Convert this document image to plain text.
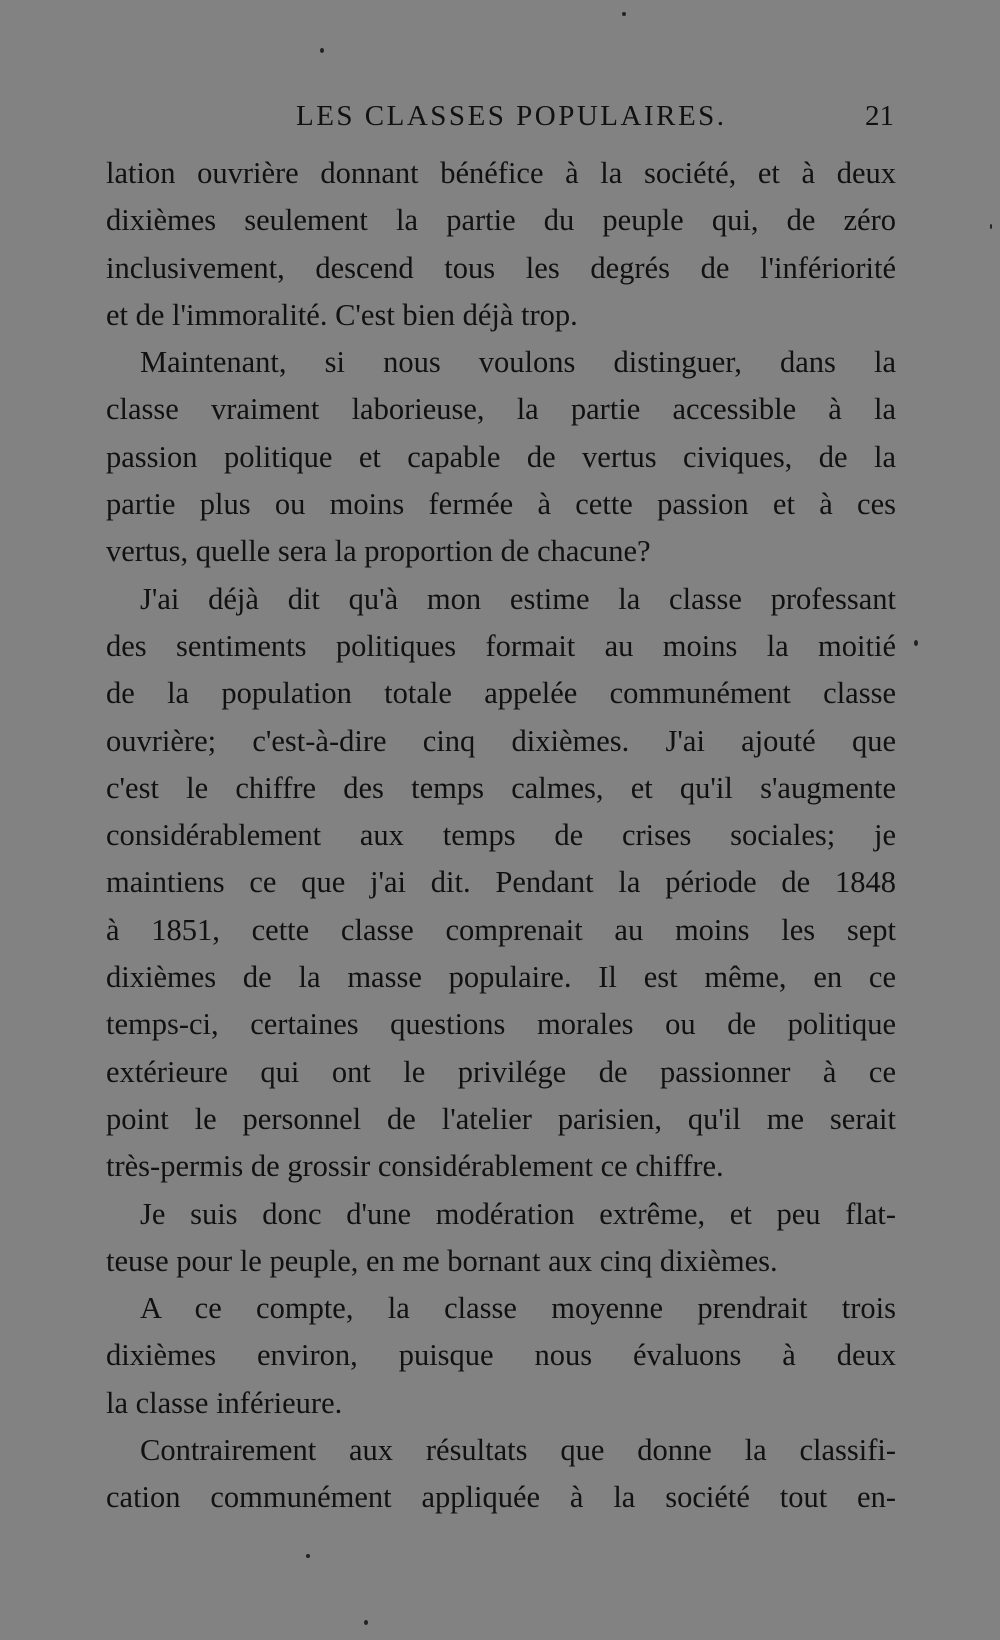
LES CLASSES POPULAIRES.	21
lation ouvrière donnant bénéfice à la société, et à deux
dixièmes seulement la partie du peuple qui, de zéro
inclusivement, descend tous les degrés de l'infériorité
et de l'immoralité. C'est bien déjà trop.
Maintenant, si nous voulons distinguer, dans la
classe vraiment laborieuse, la partie accessible à la
passion politique et capable de vertus civiques, de la
partie plus ou moins fermée à cette passion et à ces
vertus, quelle sera la proportion de chacune?
J'ai déjà dit qu'à mon estime la classe professant
des sentiments politiques formait au moins la moitié
de la population totale appelée communément classe
ouvrière; c'est-à-dire cinq dixièmes. J'ai ajouté que
c'est le chiffre des temps calmes, et qu'il s'augmente
considérablement aux temps de crises sociales; je
maintiens ce que j'ai dit. Pendant la période de 1848
à 1851, cette classe comprenait au moins les sept
dixièmes de la masse populaire. Il est même, en ce
temps-ci, certaines questions morales ou de politique
extérieure qui ont le privilége de passionner à ce
point le personnel de l'atelier parisien, qu'il me serait
très-permis de grossir considérablement ce chiffre.
Je suis donc d'une modération extrême, et peu flat-
teuse pour le peuple, en me bornant aux cinq dixièmes.
A ce compte, la classe moyenne prendrait trois
dixièmes environ, puisque nous évaluons à deux
la classe inférieure.
Contrairement aux résultats que donne la classifi-
cation communément appliquée à la société tout en-
